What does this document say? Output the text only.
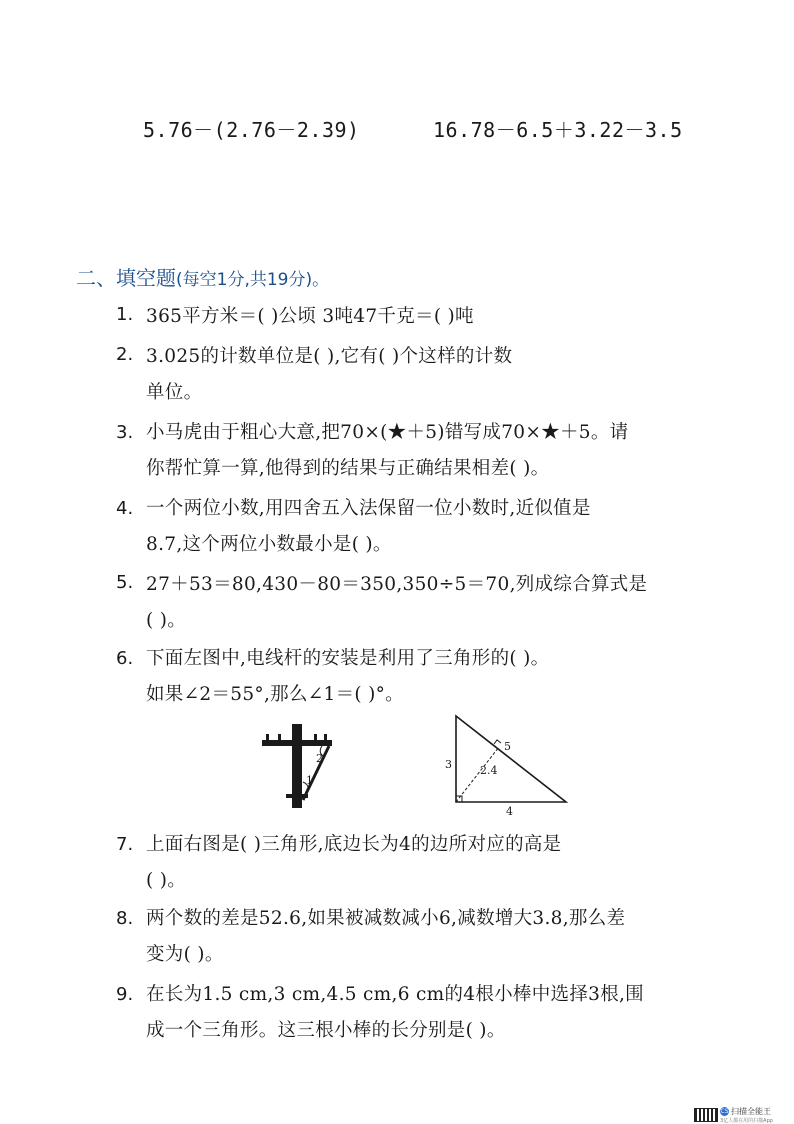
5.76－(2.76－2.39)	16.78－6.5＋3.22－3.5
二、填空题(每空1分,共19分)。
1. 365平方米＝( )公顷 3吨47千克＝( )吨
2. 3.025的计数单位是( ),它有( )个这样的计数
单位。
3. 小马虎由于粗心大意,把70×(★＋5)错写成70×★＋5。请
你帮忙算一算,他得到的结果与正确结果相差( )。
4. 一个两位小数,用四舍五入法保留一位小数时,近似值是
8.7,这个两位小数最小是( )。
5. 27＋53＝80,430－80＝350,350÷5＝70,列成综合算式是
( )。
6. 下面左图中,电线杆的安装是利用了三角形的( )。
如果∠2＝55°,那么∠1＝( )°。
2
1
3
5
4
2.4
7. 上面右图是( )三角形,底边长为4的边所对应的高是
( )。
8. 两个数的差是52.6,如果被减数减小6,减数增大3.8,那么差
变为( )。
9. 在长为1.5 cm,3 cm,4.5 cm,6 cm的4根小棒中选择3根,围
成一个三角形。这三根小棒的长分别是( )。
CS 扫描全能王
3亿人都在用的扫描App
